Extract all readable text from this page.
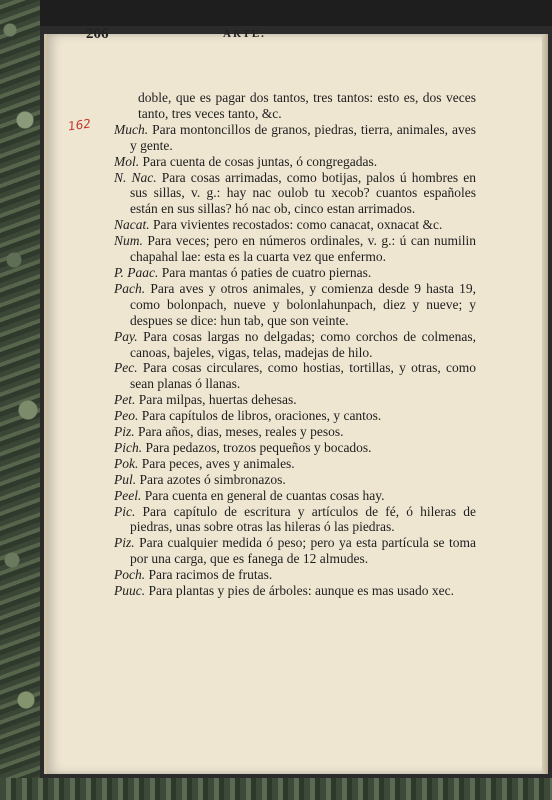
206	ARTE.
162

doble, que es pagar dos tantos, tres tantos: esto es, dos veces tanto, tres veces tanto, &c.

Much. Para montoncillos de granos, piedras, tierra, animales, aves y gente.

Mol. Para cuenta de cosas juntas, ó congregadas.

N. Nac. Para cosas arrimadas, como botijas, palos ú hombres en sus sillas, v. g.: hay nac oulob tu xecob? cuantos españoles están en sus sillas? hó nac ob, cinco estan arrimados.

Nacat. Para vivientes recostados: como canacat, oxnacat &c.

Num. Para veces; pero en números ordinales, v. g.: ú can numilin chapahal lae: esta es la cuarta vez que enfermo.

P. Paac. Para mantas ó paties de cuatro piernas.

Pach. Para aves y otros animales, y comienza desde 9 hasta 19, como bolonpach, nueve y bolonlahunpach, diez y nueve; y despues se dice: hun tab, que son veinte.

Pay. Para cosas largas no delgadas; como corchos de colmenas, canoas, bajeles, vigas, telas, madejas de hilo.

Pec. Para cosas circulares, como hostias, tortillas, y otras, como sean planas ó llanas.

Pet. Para milpas, huertas dehesas.

Peo. Para capítulos de libros, oraciones, y cantos.

Piz. Para años, dias, meses, reales y pesos.

Pich. Para pedazos, trozos pequeños y bocados.

Pok. Para peces, aves y animales.

Pul. Para azotes ó simbronazos.

Peel. Para cuenta en general de cuantas cosas hay.

Pic. Para capítulo de escritura y artículos de fé, ó hileras de piedras, unas sobre otras las hileras ó las piedras.

Piz. Para cualquier medida ó peso; pero ya esta partícula se toma por una carga, que es fanega de 12 almudes.

Poch. Para racimos de frutas.

Puuc. Para plantas y pies de árboles: aunque es mas usado xec.
